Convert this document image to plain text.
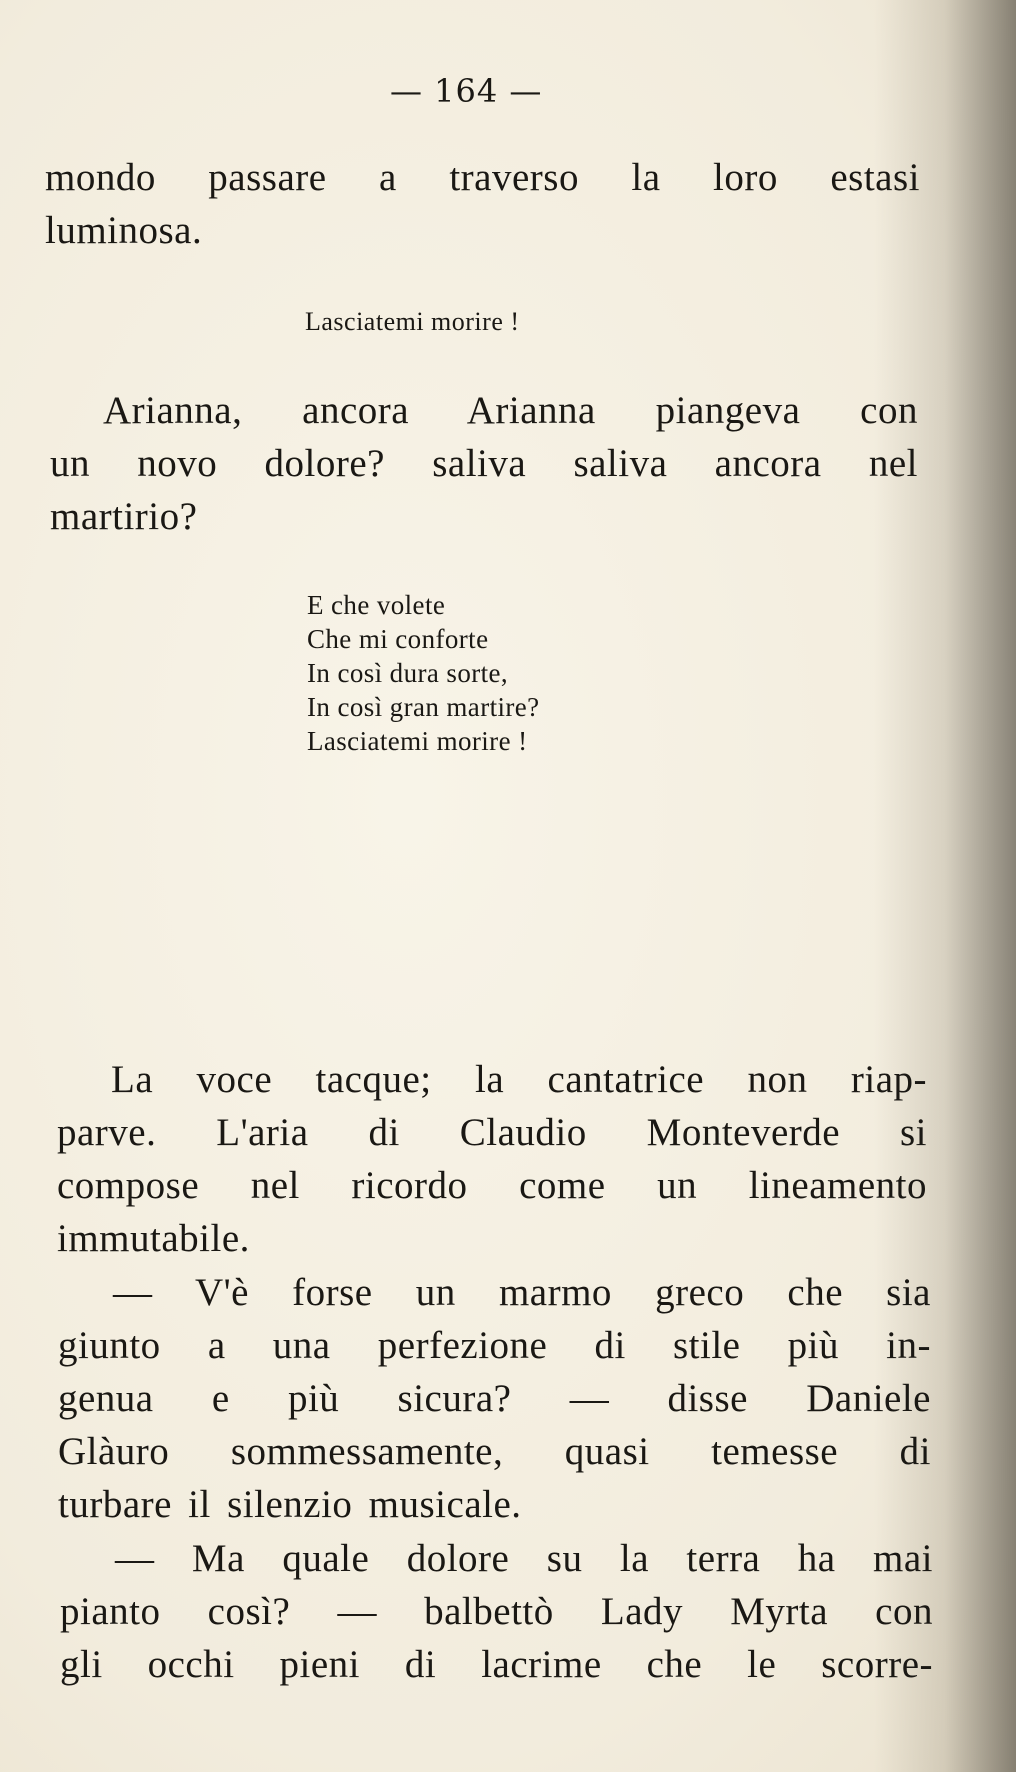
— 164 —
mondo passare a traverso la loro estasi
luminosa.
Lasciatemi morire !
Arianna, ancora Arianna piangeva con
un novo dolore? saliva saliva ancora nel
martirio?
E che volete
Che mi conforte
In così dura sorte,
In così gran martire?
Lasciatemi morire !
La voce tacque; la cantatrice non riap-
parve. L'aria di Claudio Monteverde si
compose nel ricordo come un lineamento
immutabile.
— V'è forse un marmo greco che sia
giunto a una perfezione di stile più in-
genua e più sicura? — disse Daniele
Glàuro sommessamente, quasi temesse di
turbare il silenzio musicale.
— Ma quale dolore su la terra ha mai
pianto così? — balbettò Lady Myrta con
gli occhi pieni di lacrime che le scorre-
